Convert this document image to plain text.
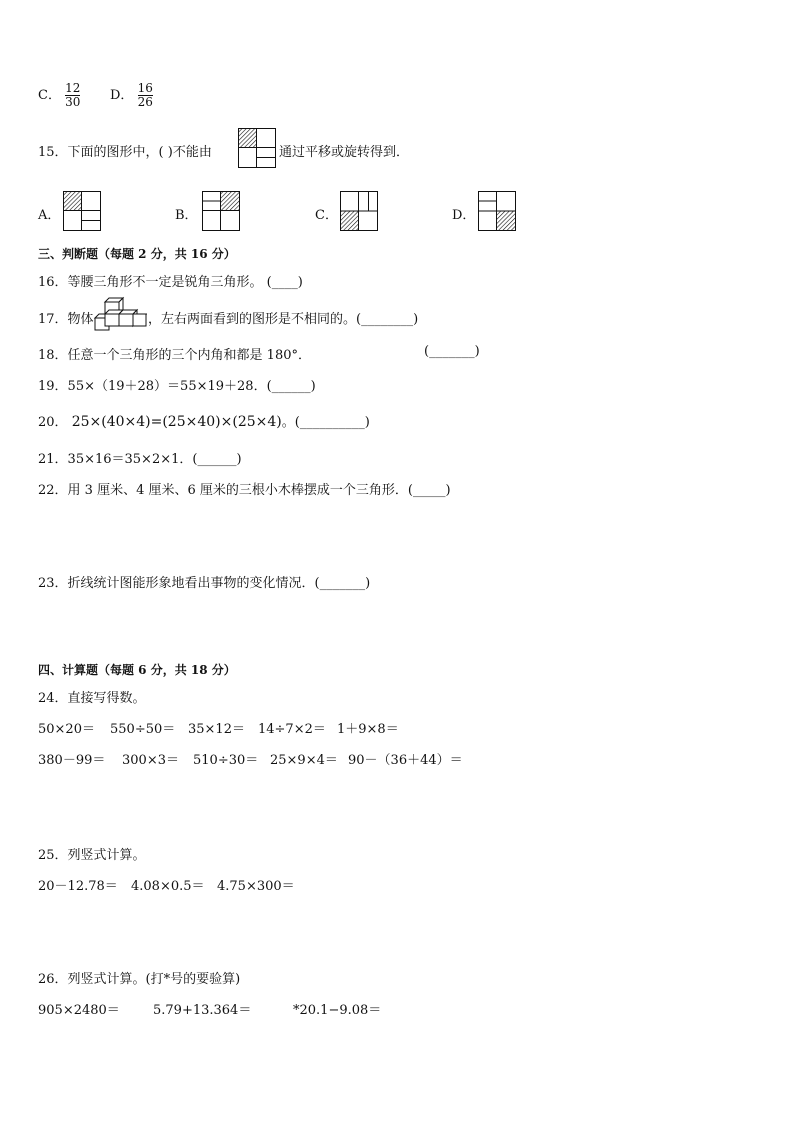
C． $\frac{12}{30}$ D． $\frac{16}{26}$
15．下面的图形中，( )不能由	通过平移或旋转得到．
A．	B．	C．	D．
三、判断题（每题 2 分，共 16 分）
16．等腰三角形不一定是锐角三角形。 (____)
17．物体	，左右两面看到的图形是不相同的。(________)
18．任意一个三角形的三个内角和都是 180°．	(_______)
19．55×（19＋28）＝55×19＋28．(______)
20． 25×(40×4)=(25×40)×(25×4)。(__________)
21．35×16＝35×2×1．(______)
22．用 3 厘米、4 厘米、6 厘米的三根小木棒摆成一个三角形．(_____)
23．折线统计图能形象地看出事物的变化情况．(_______)
四、计算题（每题 6 分，共 18 分）
24．直接写得数。
50×20＝ 550÷50＝ 35×12＝ 14÷7×2＝ 1＋9×8＝
380－99＝ 300×3＝ 510÷30＝ 25×9×4＝ 90－（36＋44）＝
25．列竖式计算。
20－12.78＝ 4.08×0.5＝ 4.75×300＝
26．列竖式计算。(打*号的要验算)
905×2480＝	5.79+13.364＝	*20.1−9.08＝
